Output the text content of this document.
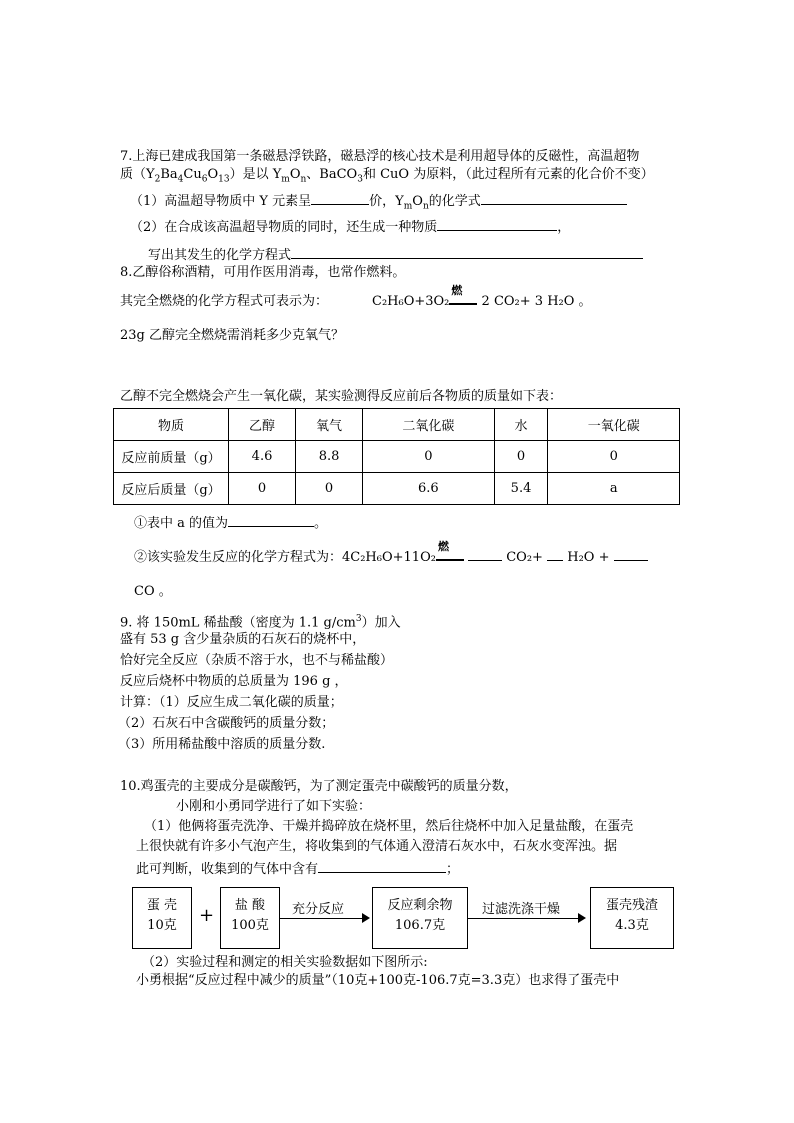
7.上海已建成我国第一条磁悬浮铁路，磁悬浮的核心技术是利用超导体的反磁性，高温超物
质$(Y_2Ba_4Cu_6O_{13})$是以 $Y_mO_n$、BaCO$_3$和 CuO 为原料，（此过程所有元素的化合价不变）
（1）高温超导物质中 Y 元素呈	价，$Y_mO_n$的化学式
（2）在合成该高温超导物质的同时，还生成一种物质	，
写出其发生的化学方程式
8.乙醇俗称酒精，可用作医用消毒，也常作燃料。
其完全燃烧的化学方程式可表示为：	C₂H₆O+3O₂
燃
2 CO₂+ 3 H₂O 。
23g 乙醇完全燃烧需消耗多少克氧气？
乙醇不完全燃烧会产生一氧化碳，某实验测得反应前后各物质的质量如下表：
物质	乙醇	氧气	二氧化碳	水	一氧化碳
反应前质量（g）	4.6	8.8	0	0	0
反应后质量（g）	0	0	6.6	5.4	a
①表中 a 的值为	。
②该实验发生反应的化学方程式为：4C₂H₆O+11O₂
燃
CO₂+ H₂O +
CO 。
9. 将 150mL 稀盐酸（密度为 1.1 $g/cm^3$）加入
盛有 53 g 含少量杂质的石灰石的烧杯中，
恰好完全反应（杂质不溶于水，也不与稀盐酸）
反应后烧杯中物质的总质量为 196 g ，
计算：（1）反应生成二氧化碳的质量；
（2）石灰石中含碳酸钙的质量分数；
（3）所用稀盐酸中溶质的质量分数.
10.鸡蛋壳的主要成分是碳酸钙，为了测定蛋壳中碳酸钙的质量分数，
小刚和小勇同学进行了如下实验：
（1）他俩将蛋壳洗净、干燥并捣碎放在烧杯里，然后往烧杯中加入足量盐酸，在蛋壳
上很快就有许多小气泡产生，将收集到的气体通入澄清石灰水中，石灰水变浑浊。据
此可判断，收集到的气体中含有	；
蛋 壳
10克	+	盐 酸
100克
充分反应	反应剩余物
106.7克
过滤洗涤干燥	蛋壳残渣
4.3克
（2）实验过程和测定的相关实验数据如下图所示:
小勇根据“反应过程中减少的质量”（10克+100克-106.7克=3.3克）也求得了蛋壳中
